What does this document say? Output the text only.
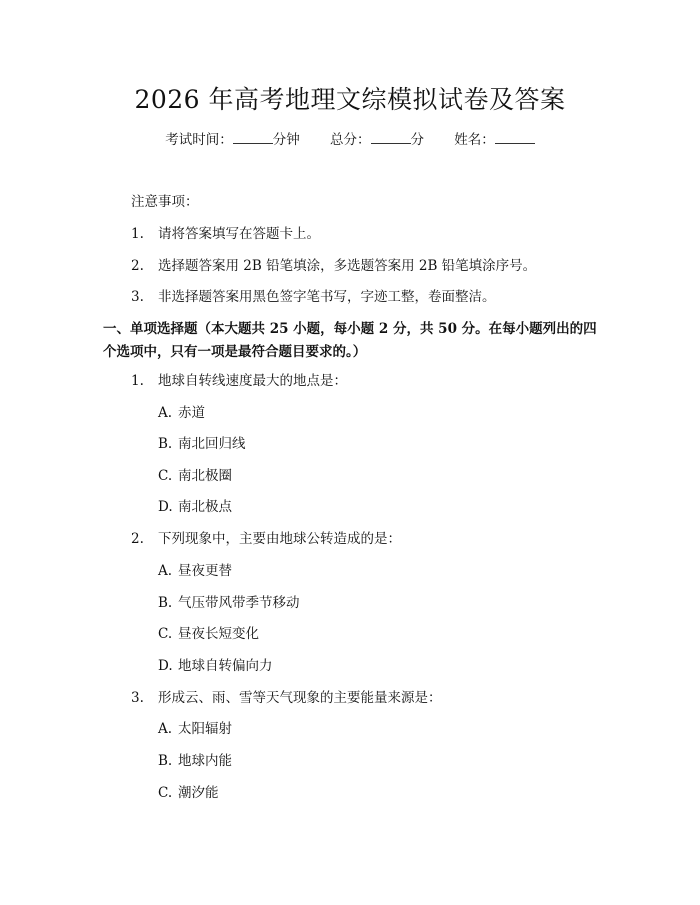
2026 年高考地理文综模拟试卷及答案
考试时间：	分钟 总分：	分 姓名：
注意事项：
1. 请将答案填写在答题卡上。
2. 选择题答案用 2B 铅笔填涂，多选题答案用 2B 铅笔填涂序号。
3. 非选择题答案用黑色签字笔书写，字迹工整，卷面整洁。
一、单项选择题（本大题共 25 小题，每小题 2 分，共 50 分。在每小题列出的四个选项中，只有一项是最符合题目要求的。）
1. 地球自转线速度最大的地点是：
A. 赤道
B. 南北回归线
C. 南北极圈
D. 南北极点
2. 下列现象中，主要由地球公转造成的是：
A. 昼夜更替
B. 气压带风带季节移动
C. 昼夜长短变化
D. 地球自转偏向力
3. 形成云、雨、雪等天气现象的主要能量来源是：
A. 太阳辐射
B. 地球内能
C. 潮汐能
